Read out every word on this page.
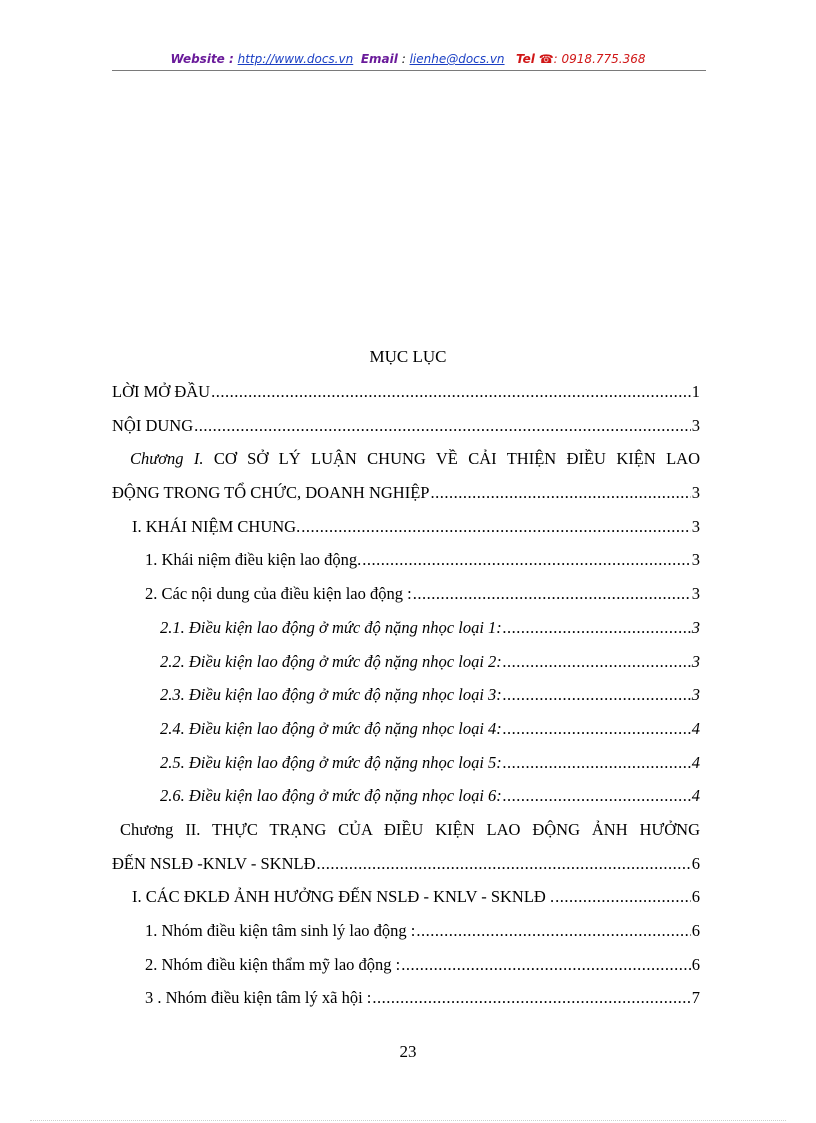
Website : http://www.docs.vn Email : lienhe@docs.vn Tel ☎: 0918.775.368
MỤC LỤC
LỜI MỞ ĐẦU .....	1
NỘI DUNG .....	3
Chương I. CƠ SỞ LÝ LUẬN CHUNG VỀ CẢI THIỆN ĐIỀU KIỆN LAO
ĐỘNG TRONG TỔ CHỨC, DOANH NGHIỆP .....	3
I. KHÁI NIỆM CHUNG. .....	3
1. Khái niệm điều kiện lao động. .....	3
2. Các nội dung của điều kiện lao động : .....	3
2.1. Điều kiện lao động ở mức độ nặng nhọc loại 1: .....	3
2.2. Điều kiện lao động ở mức độ nặng nhọc loại 2: .....	3
2.3. Điều kiện lao động ở mức độ nặng nhọc loại 3: .....	3
2.4. Điều kiện lao động ở mức độ nặng nhọc loại 4: .....	4
2.5. Điều kiện lao động ở mức độ nặng nhọc loại 5: .....	4
2.6. Điều kiện lao động ở mức độ nặng nhọc loại 6: .....	4
Chương II. THỰC TRẠNG CỦA ĐIỀU KIỆN LAO ĐỘNG ẢNH HƯỞNG
ĐẾN NSLĐ -KNLV - SKNLĐ .....	6
I. CÁC ĐKLĐ ẢNH HƯỞNG ĐẾN NSLĐ - KNLV - SKNLĐ . .....	6
1. Nhóm điều kiện tâm sinh lý lao động : .....	6
2. Nhóm điều kiện thẩm mỹ lao động : .....	6
3 . Nhóm điều kiện tâm lý xã hội : .....	7
23
